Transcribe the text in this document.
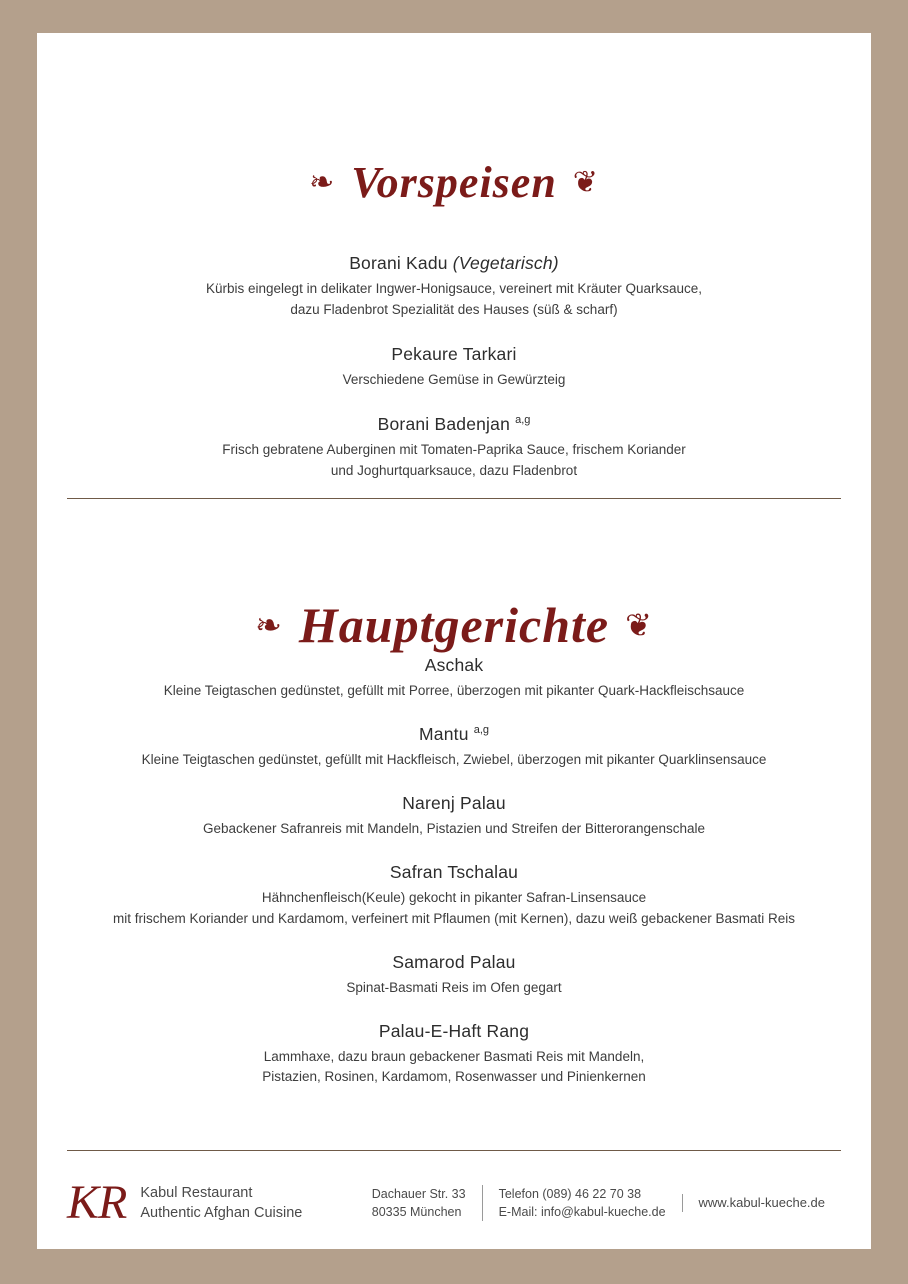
❧ Vorspeisen ❦
Borani Kadu (Vegetarisch)
Kürbis eingelegt in delikater Ingwer-Honigsauce, vereinert mit Kräuter Quarksauce,
dazu Fladenbrot Spezialität des Hauses (süß & scharf)
Pekaure Tarkari
Verschiedene Gemüse in Gewürzteig
Borani Badenjan $^{a,g}$
Frisch gebratene Auberginen mit Tomaten-Paprika Sauce, frischem Koriander
und Joghurtquarksauce, dazu Fladenbrot
❧ Hauptgerichte ❦
Aschak
Kleine Teigtaschen gedünstet, gefüllt mit Porree, überzogen mit pikanter Quark-Hackfleischsauce
Mantu $^{a,g}$
Kleine Teigtaschen gedünstet, gefüllt mit Hackfleisch, Zwiebel, überzogen mit pikanter Quarklinsensauce
Narenj Palau
Gebackener Safranreis mit Mandeln, Pistazien und Streifen der Bitterorangenschale
Safran Tschalau
Hähnchenfleisch(Keule) gekocht in pikanter Safran-Linsensauce
mit frischem Koriander und Kardamom, verfeinert mit Pflaumen (mit Kernen), dazu weiß gebackener Basmati Reis
Samarod Palau
Spinat-Basmati Reis im Ofen gegart
Palau-E-Haft Rang
Lammhaxe, dazu braun gebackener Basmati Reis mit Mandeln,
Pistazien, Rosinen, Kardamom, Rosenwasser und Pinienkernen
KR Kabul Restaurant
Authentic Afghan Cuisine
Dachauer Str. 33
80335 München
Telefon (089) 46 22 70 38
E-Mail: info@kabul-kueche.de
www.kabul-kueche.de
